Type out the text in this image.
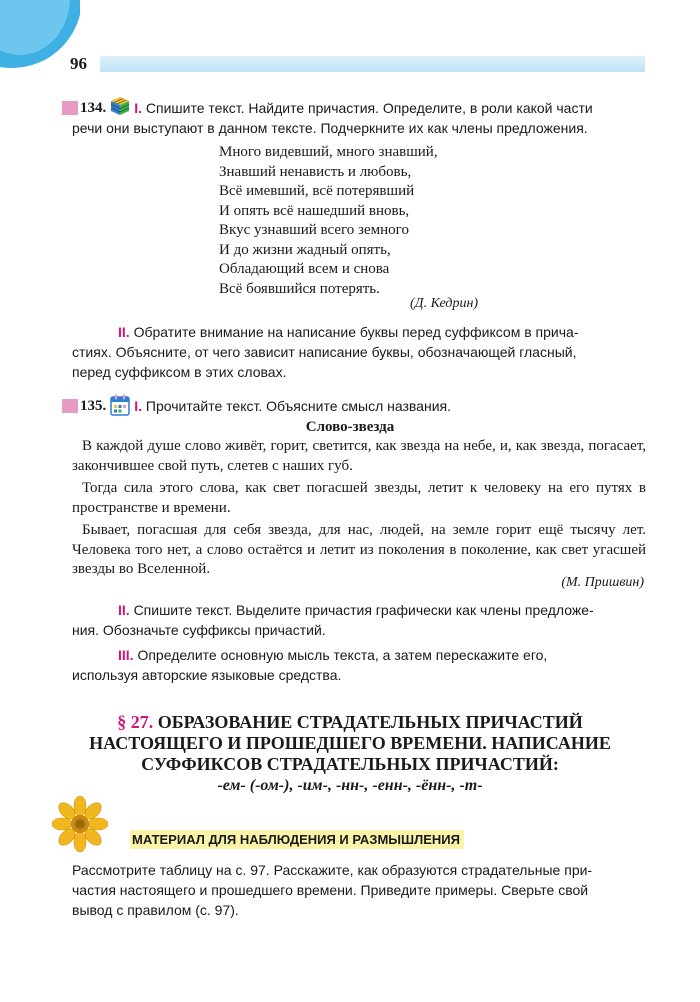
96
134. I.
Спишите текст. Найдите причастия. Определите, в роли какой части
речи они выступают в данном тексте. Подчеркните их как члены предложения.
Много видевший, много знавший,
Знавший ненависть и любовь,
Всё имевший, всё потерявший
И опять всё нашедший вновь,
Вкус узнавший всего земного
И до жизни жадный опять,
Обладающий всем и снова
Всё боявшийся потерять.
(Д. Кедрин)
II. Обратите внимание на написание буквы перед суффиксом в прича-
стиях. Объясните, от чего зависит написание буквы, обозначающей гласный,
перед суффиксом в этих словах.
135. I.
Прочитайте текст. Объясните смысл названия.
Слово-звезда

В каждой душе слово живёт, горит, светится, как звезда на небе, и, как звезда, погасает, закончившее свой путь, слетев с наших губ.

Тогда сила этого слова, как свет погасшей звезды, летит к человеку на его путях в пространстве и времени.

Бывает, погасшая для себя звезда, для нас, людей, на земле горит ещё тысячу лет. Человека того нет, а слово остаётся и летит из поколения в поколение, как свет угасшей звезды во Вселенной.

(М. Пришвин)
II. Спишите текст. Выделите причастия графически как члены предложе-
ния. Обозначьте суффиксы причастий.
III. Определите основную мысль текста, а затем перескажите его,
используя авторские языковые средства.
§ 27. ОБРАЗОВАНИЕ СТРАДАТЕЛЬНЫХ ПРИЧАСТИЙ
НАСТОЯЩЕГО И ПРОШЕДШЕГО ВРЕМЕНИ. НАПИСАНИЕ
СУФФИКСОВ СТРАДАТЕЛЬНЫХ ПРИЧАСТИЙ:
-ем- (-ом-), -им-, -нн-, -енн-, -ённ-, -т-
МАТЕРИАЛ ДЛЯ НАБЛЮДЕНИЯ И РАЗМЫШЛЕНИЯ
Рассмотрите таблицу на с. 97. Расскажите, как образуются страдательные при-
частия настоящего и прошедшего времени. Приведите примеры. Сверьте свой
вывод с правилом (с. 97).
